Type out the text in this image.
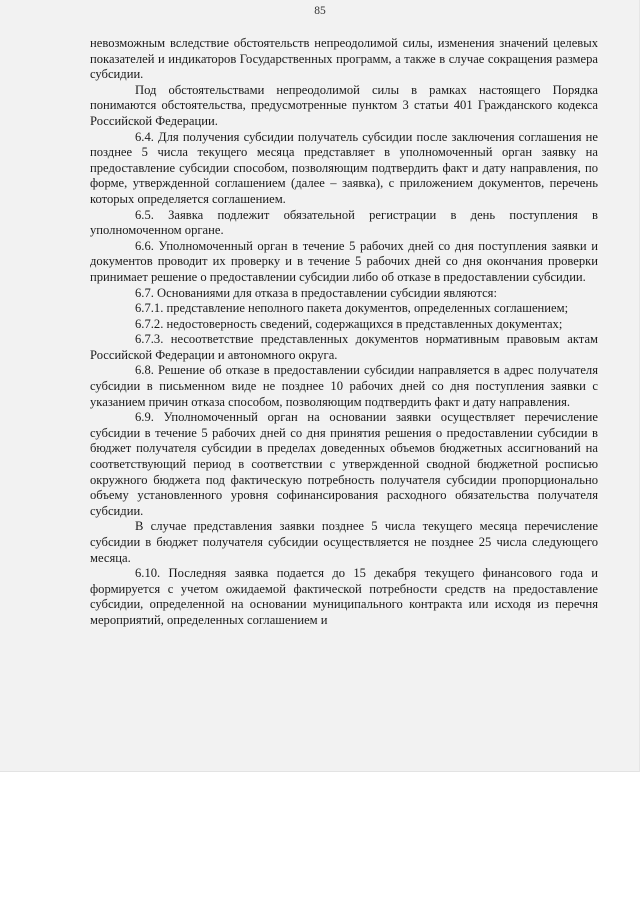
85

невозможным вследствие обстоятельств непреодолимой силы, изменения значений целевых показателей и индикаторов Государственных программ, а также в случае сокращения размера субсидии.

Под обстоятельствами непреодолимой силы в рамках настоящего Порядка понимаются обстоятельства, предусмотренные пунктом 3 статьи 401 Гражданского кодекса Российской Федерации.

6.4. Для получения субсидии получатель субсидии после заключения соглашения не позднее 5 числа текущего месяца представляет в уполномоченный орган заявку на предоставление субсидии способом, позволяющим подтвердить факт и дату направления, по форме, утвержденной соглашением (далее – заявка), с приложением документов, перечень которых определяется соглашением.

6.5. Заявка подлежит обязательной регистрации в день поступления в уполномоченном органе.

6.6. Уполномоченный орган в течение 5 рабочих дней со дня поступления заявки и документов проводит их проверку и в течение 5 рабочих дней со дня окончания проверки принимает решение о предоставлении субсидии либо об отказе в предоставлении субсидии.

6.7. Основаниями для отказа в предоставлении субсидии являются:

6.7.1. представление неполного пакета документов, определенных соглашением;

6.7.2. недостоверность сведений, содержащихся в представленных документах;

6.7.3. несоответствие представленных документов нормативным правовым актам Российской Федерации и автономного округа.

6.8. Решение об отказе в предоставлении субсидии направляется в адрес получателя субсидии в письменном виде не позднее 10 рабочих дней со дня поступления заявки с указанием причин отказа способом, позволяющим подтвердить факт и дату направления.

6.9. Уполномоченный орган на основании заявки осуществляет перечисление субсидии в течение 5 рабочих дней со дня принятия решения о предоставлении субсидии в бюджет получателя субсидии в пределах доведенных объемов бюджетных ассигнований на соответствующий период в соответствии с утвержденной сводной бюджетной росписью окружного бюджета под фактическую потребность получателя субсидии пропорционально объему установленного уровня софинансирования расходного обязательства получателя субсидии.

В случае представления заявки позднее 5 числа текущего месяца перечисление субсидии в бюджет получателя субсидии осуществляется не позднее 25 числа следующего месяца.

6.10. Последняя заявка подается до 15 декабря текущего финансового года и формируется с учетом ожидаемой фактической потребности средств на предоставление субсидии, определенной на основании муниципального контракта или исходя из перечня мероприятий, определенных соглашением и
